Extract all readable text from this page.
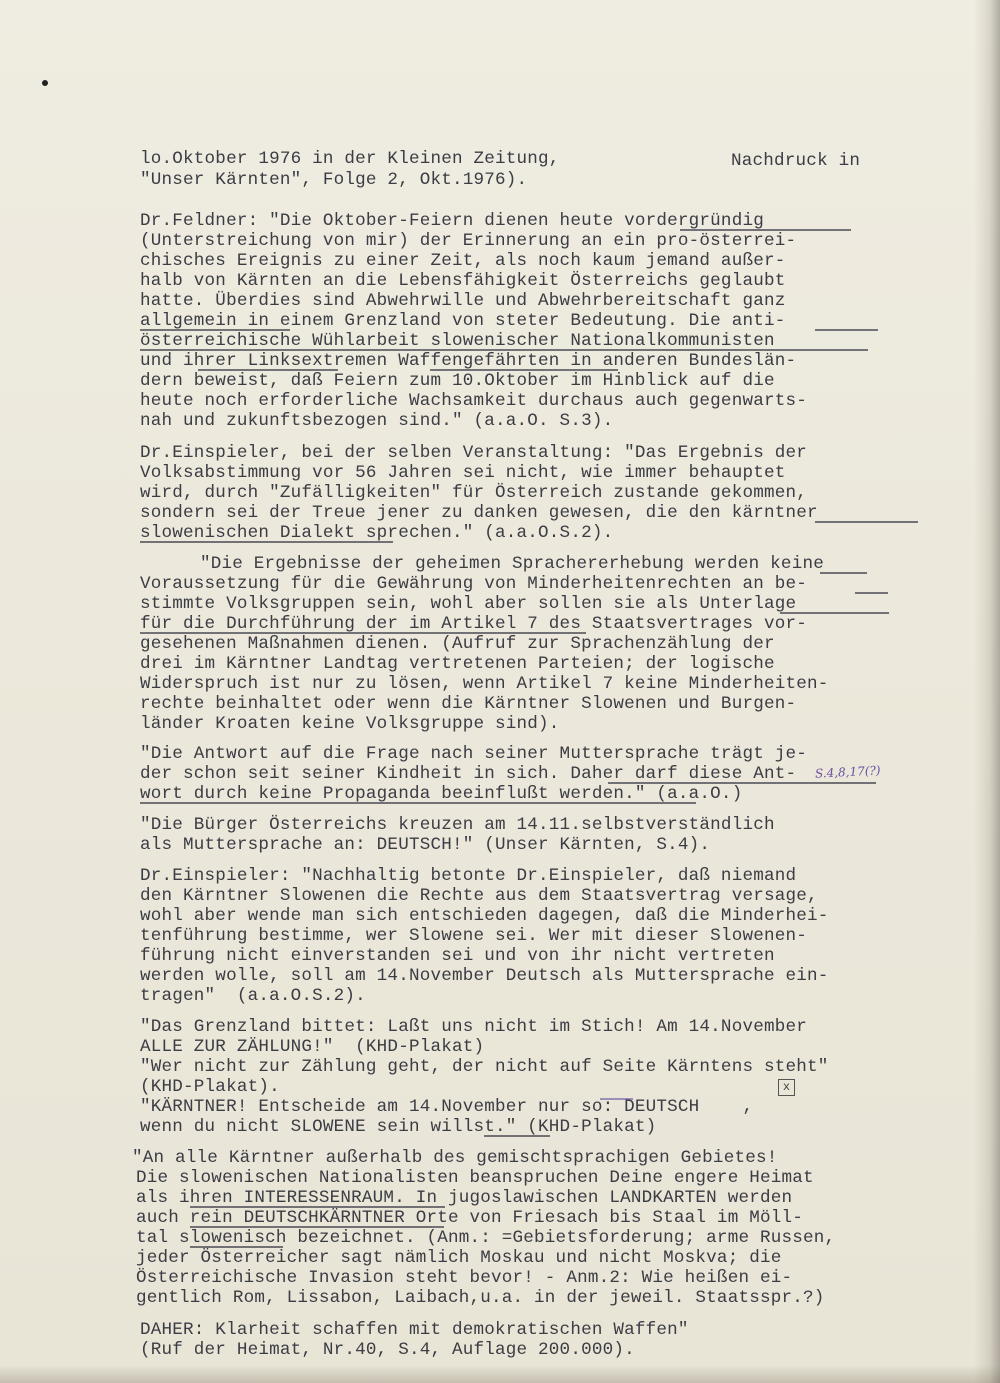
Nachdruck in
lo.Oktober 1976 in der Kleinen Zeitung,
"Unser Kärnten", Folge 2, Okt.1976).
Dr.Feldner: "Die Oktober-Feiern dienen heute vordergründig
(Unterstreichung von mir) der Erinnerung an ein pro-österrei-
chisches Ereignis zu einer Zeit, als noch kaum jemand außer-
halb von Kärnten an die Lebensfähigkeit Österreichs geglaubt
hatte. Überdies sind Abwehrwille und Abwehrbereitschaft ganz
allgemein in einem Grenzland von steter Bedeutung. Die anti-
österreichische Wühlarbeit slowenischer Nationalkommunisten
und ihrer Linksextremen Waffengefährten in anderen Bundeslän-
dern beweist, daß Feiern zum 10.Oktober im Hinblick auf die
heute noch erforderliche Wachsamkeit durchaus auch gegenwarts-
nah und zukunftsbezogen sind." (a.a.O. S.3).
Dr.Einspieler, bei der selben Veranstaltung: "Das Ergebnis der
Volksabstimmung vor 56 Jahren sei nicht, wie immer behauptet
wird, durch "Zufälligkeiten" für Österreich zustande gekommen,
sondern sei der Treue jener zu danken gewesen, die den kärntner
slowenischen Dialekt sprechen." (a.a.O.S.2).
"Die Ergebnisse der geheimen Sprachererhebung werden keine
Voraussetzung für die Gewährung von Minderheitenrechten an be-
stimmte Volksgruppen sein, wohl aber sollen sie als Unterlage
für die Durchführung der im Artikel 7 des Staatsvertrages vor-
gesehenen Maßnahmen dienen. (Aufruf zur Sprachenzählung der
drei im Kärntner Landtag vertretenen Parteien; der logische
Widerspruch ist nur zu lösen, wenn Artikel 7 keine Minderheiten-
rechte beinhaltet oder wenn die Kärntner Slowenen und Burgen-
länder Kroaten keine Volksgruppe sind).
"Die Antwort auf die Frage nach seiner Muttersprache trägt je-
der schon seit seiner Kindheit in sich. Daher darf diese Ant-
wort durch keine Propaganda beeinflußt werden." (a.a.O.)
"Die Bürger Österreichs kreuzen am 14.11.selbstverständlich
als Muttersprache an: DEUTSCH!" (Unser Kärnten, S.4).
Dr.Einspieler: "Nachhaltig betonte Dr.Einspieler, daß niemand
den Kärntner Slowenen die Rechte aus dem Staatsvertrag versage,
wohl aber wende man sich entschieden dagegen, daß die Minderhei-
tenführung bestimme, wer Slowene sei. Wer mit dieser Slowenen-
führung nicht einverstanden sei und von ihr nicht vertreten
werden wolle, soll am 14.November Deutsch als Muttersprache ein-
tragen"  (a.a.O.S.2).
"Das Grenzland bittet: Laßt uns nicht im Stich! Am 14.November
ALLE ZUR ZÄHLUNG!"  (KHD-Plakat)
"Wer nicht zur Zählung geht, der nicht auf Seite Kärntens steht"
(KHD-Plakat).
"KÄRNTNER! Entscheide am 14.November nur so: DEUTSCH    ,
wenn du nicht SLOWENE sein willst." (KHD-Plakat)
"An alle Kärntner außerhalb des gemischtsprachigen Gebietes!
Die slowenischen Nationalisten beanspruchen Deine engere Heimat
als ihren INTERESSENRAUM. In jugoslawischen LANDKARTEN werden
auch rein DEUTSCHKÄRNTNER Orte von Friesach bis Staal im Möll-
tal slowenisch bezeichnet. (Anm.: =Gebietsforderung; arme Russen,
jeder Österreicher sagt nämlich Moskau und nicht Moskva; die
Österreichische Invasion steht bevor! - Anm.2: Wie heißen ei-
gentlich Rom, Lissabon, Laibach,u.a. in der jeweil. Staatsspr.?)
DAHER: Klarheit schaffen mit demokratischen Waffen"
(Ruf der Heimat, Nr.40, S.4, Auflage 200.000).
x
S.4,8,17(?)
